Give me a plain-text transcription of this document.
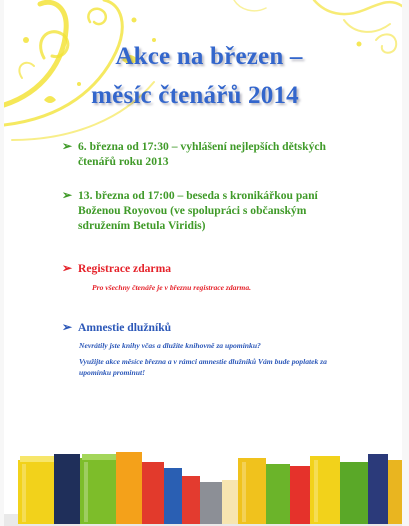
Akce na březen –
měsíc čtenářů 2014
➢ 6. března od 17:30 – vyhlášení nejlepších dětských
čtenářů roku 2013
➢ 13. března od 17:00 – beseda s kronikářkou paní
Boženou Royovou (ve spolupráci s občanským
sdružením Betula Viridis)
➢ Registrace zdarma
Pro všechny čtenáře je v březnu registrace zdarma.
➢ Amnestie dlužníků
Nevrátily jste knihy včas a dlužíte knihovně za upomínku?
Využijte akce měsíce března a v rámci amnestie dlužníků Vám bude poplatek za
upomínku prominut!
